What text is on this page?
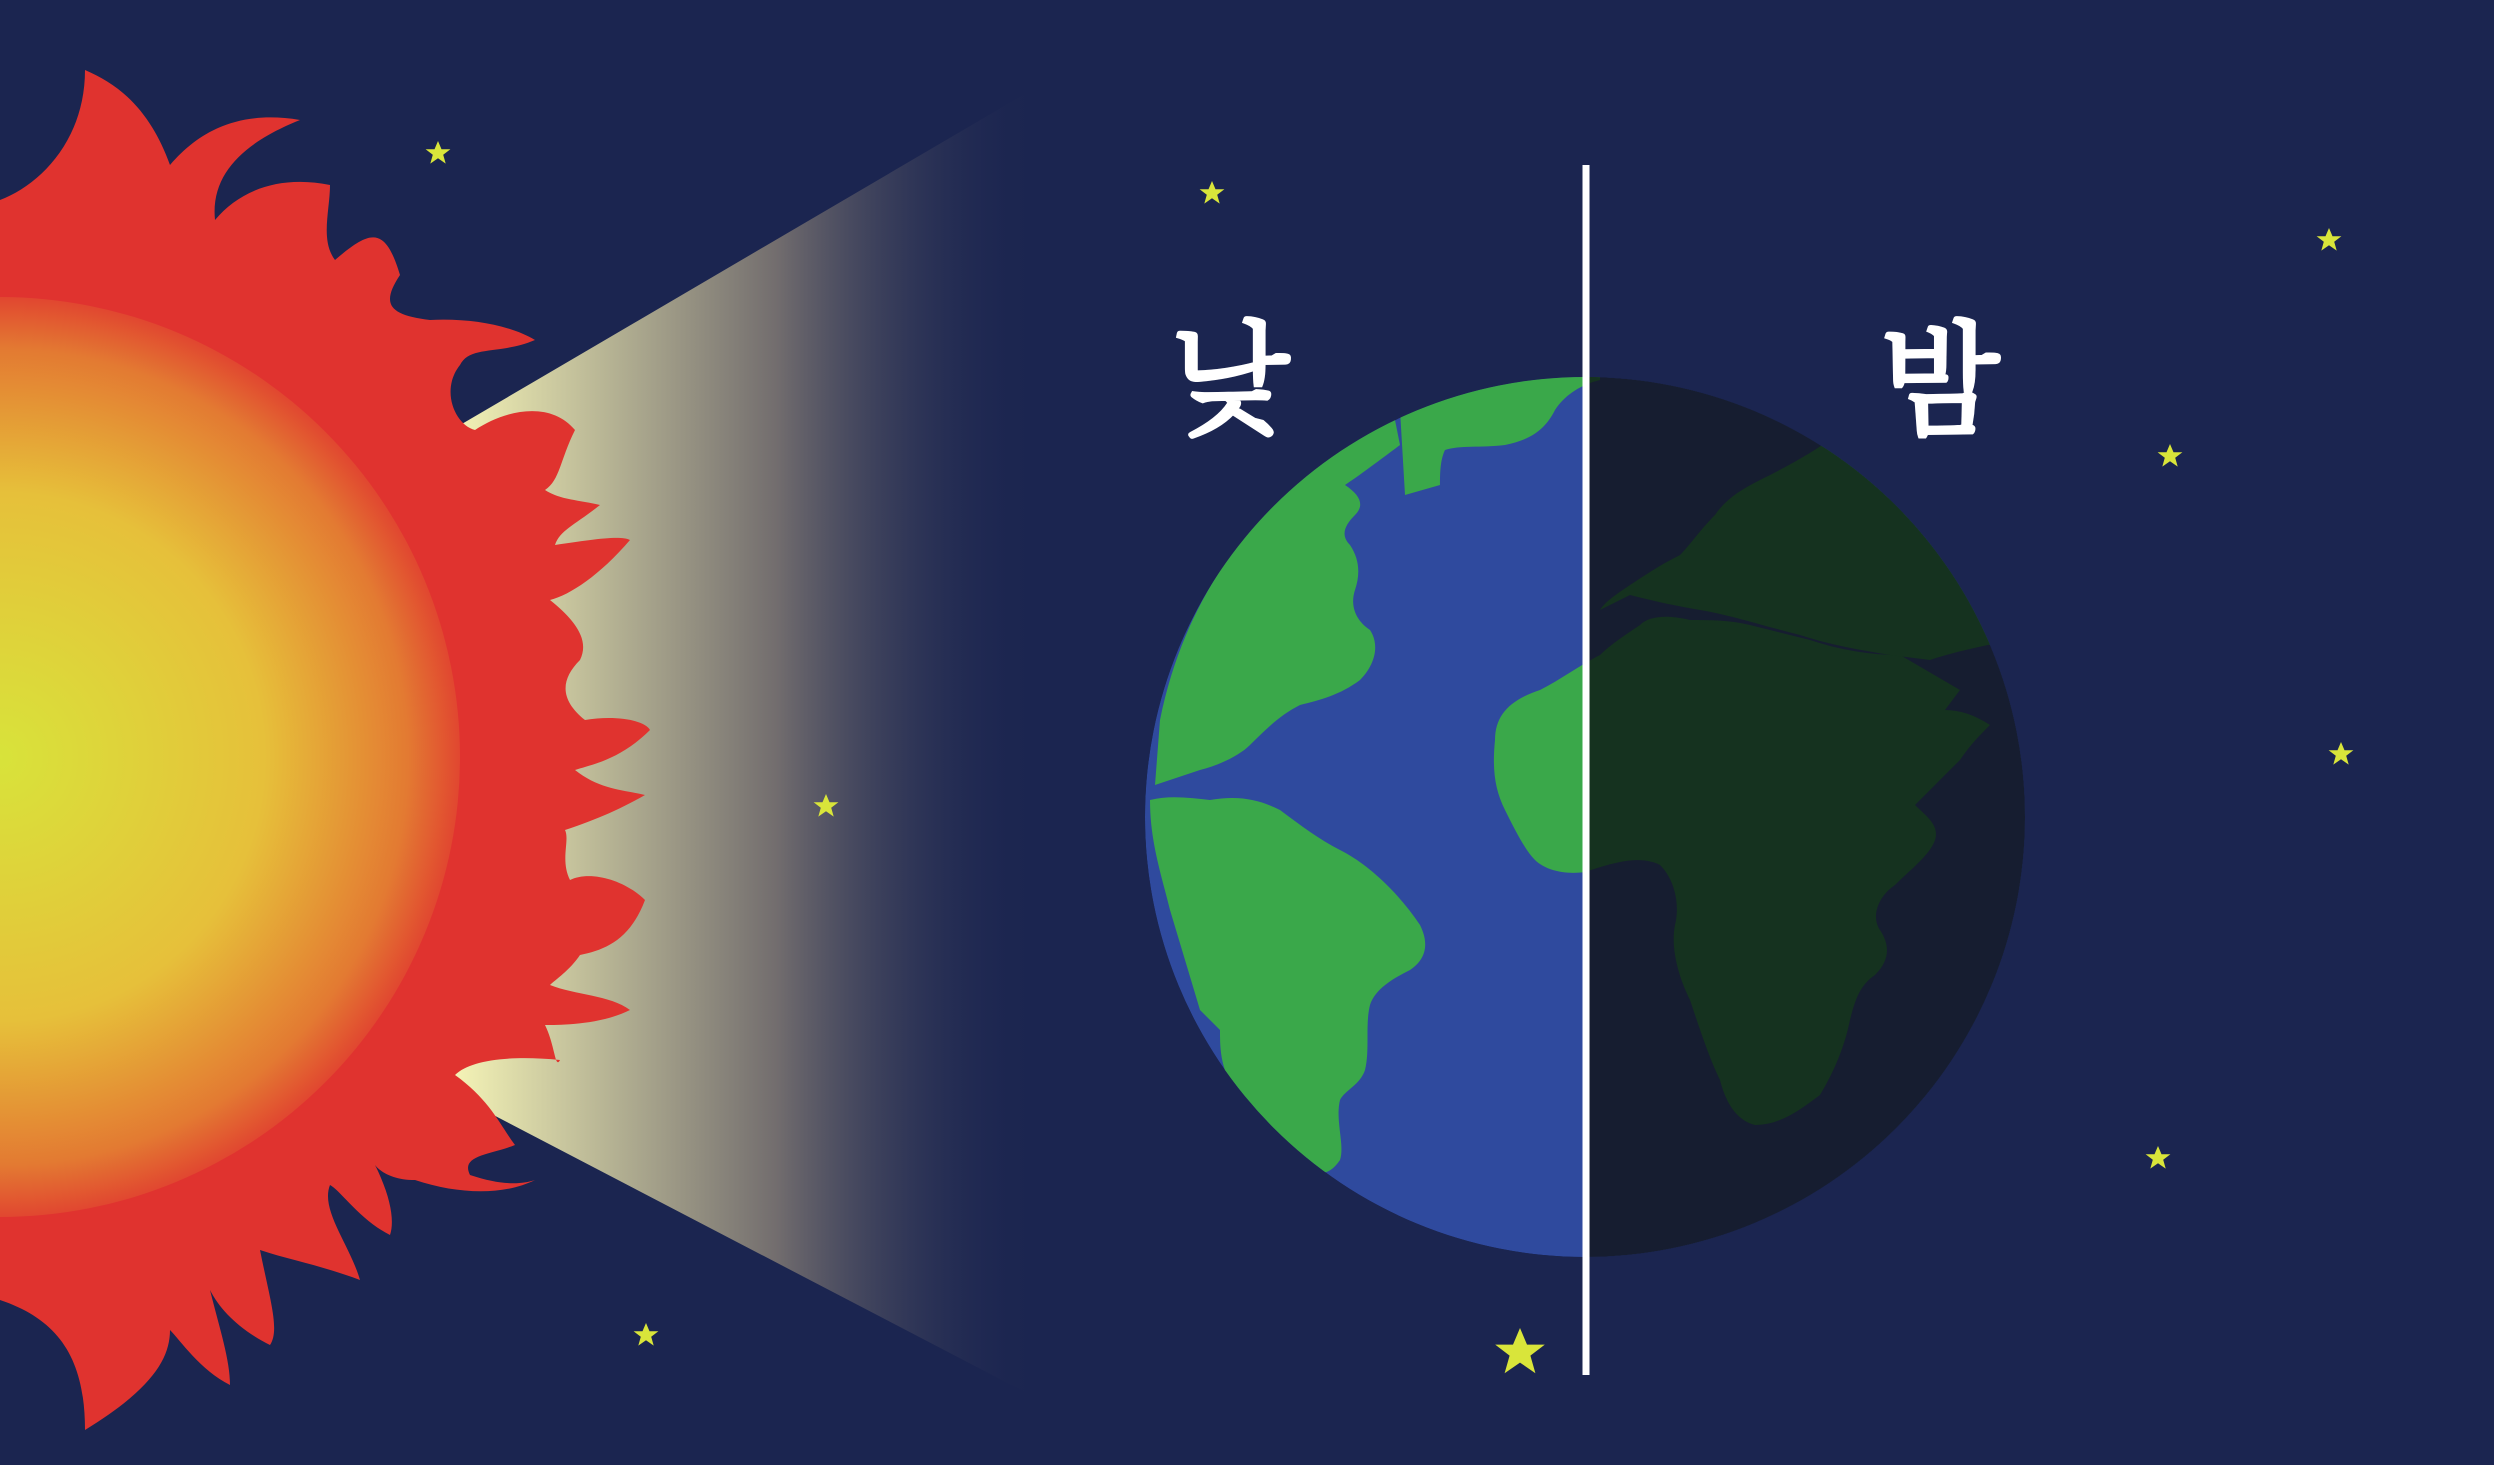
낮	밤
